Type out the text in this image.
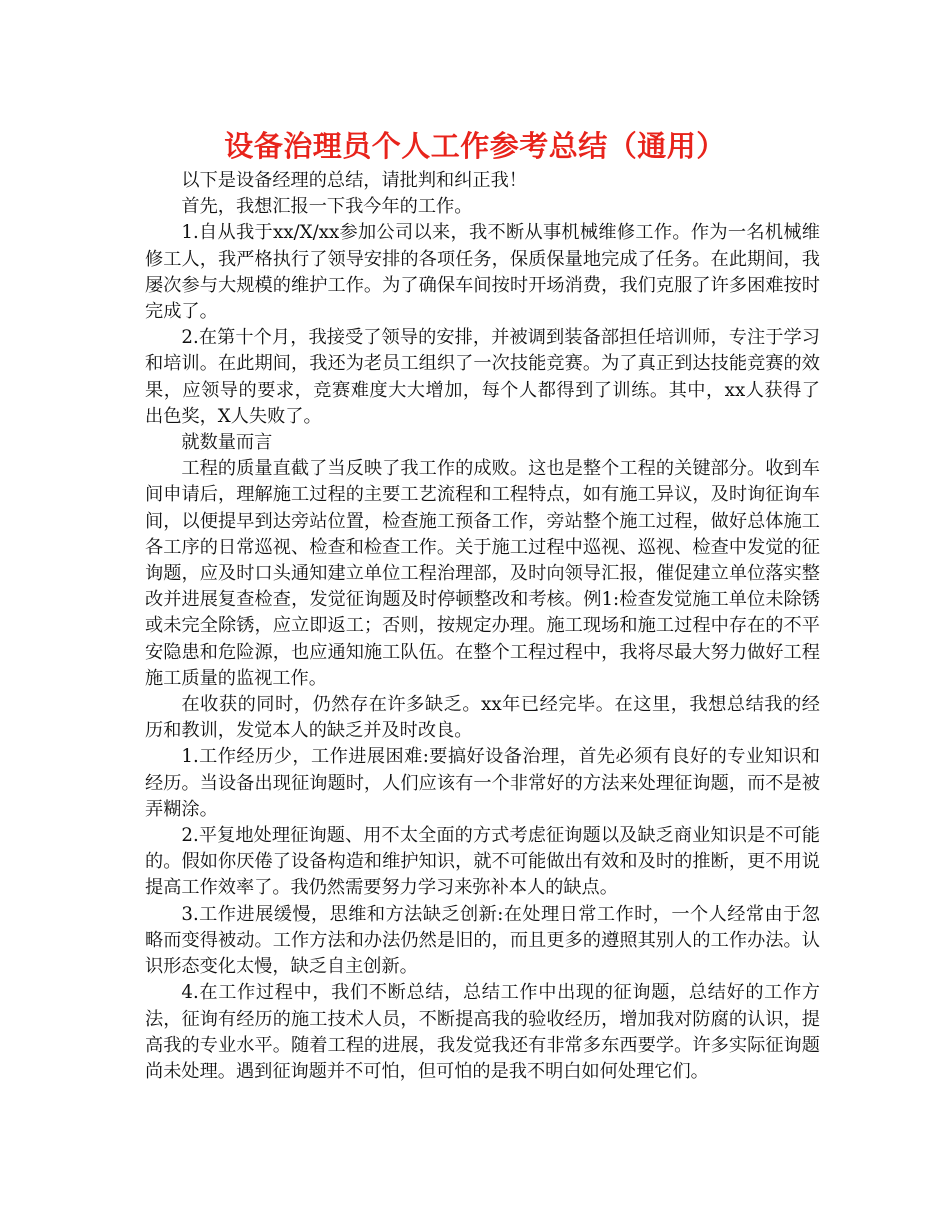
设备治理员个人工作参考总结（通用）

以下是设备经理的总结，请批判和纠正我！

首先，我想汇报一下我今年的工作。

1.自从我于xx/X/xx参加公司以来，我不断从事机械维修工作。作为一名机械维修工人，我严格执行了领导安排的各项任务，保质保量地完成了任务。在此期间，我屡次参与大规模的维护工作。为了确保车间按时开场消费，我们克服了许多困难按时完成了。

2.在第十个月，我接受了领导的安排，并被调到装备部担任培训师，专注于学习和培训。在此期间，我还为老员工组织了一次技能竞赛。为了真正到达技能竞赛的效果，应领导的要求，竞赛难度大大增加，每个人都得到了训练。其中，xx人获得了出色奖，X人失败了。

就数量而言

工程的质量直截了当反映了我工作的成败。这也是整个工程的关键部分。收到车间申请后，理解施工过程的主要工艺流程和工程特点，如有施工异议，及时询征询车间，以便提早到达旁站位置，检查施工预备工作，旁站整个施工过程，做好总体施工各工序的日常巡视、检查和检查工作。关于施工过程中巡视、巡视、检查中发觉的征询题，应及时口头通知建立单位工程治理部，及时向领导汇报，催促建立单位落实整改并进展复查检查，发觉征询题及时停顿整改和考核。例1:检查发觉施工单位未除锈或未完全除锈，应立即返工；否则，按规定办理。施工现场和施工过程中存在的不平安隐患和危险源，也应通知施工队伍。在整个工程过程中，我将尽最大努力做好工程施工质量的监视工作。

在收获的同时，仍然存在许多缺乏。xx年已经完毕。在这里，我想总结我的经历和教训，发觉本人的缺乏并及时改良。

1.工作经历少，工作进展困难:要搞好设备治理，首先必须有良好的专业知识和经历。当设备出现征询题时，人们应该有一个非常好的方法来处理征询题，而不是被弄糊涂。

2.平复地处理征询题、用不太全面的方式考虑征询题以及缺乏商业知识是不可能的。假如你厌倦了设备构造和维护知识，就不可能做出有效和及时的推断，更不用说提高工作效率了。我仍然需要努力学习来弥补本人的缺点。

3.工作进展缓慢，思维和方法缺乏创新:在处理日常工作时，一个人经常由于忽略而变得被动。工作方法和办法仍然是旧的，而且更多的遵照其别人的工作办法。认识形态变化太慢，缺乏自主创新。

4.在工作过程中，我们不断总结，总结工作中出现的征询题，总结好的工作方法，征询有经历的施工技术人员，不断提高我的验收经历，增加我对防腐的认识，提高我的专业水平。随着工程的进展，我发觉我还有非常多东西要学。许多实际征询题尚未处理。遇到征询题并不可怕，但可怕的是我不明白如何处理它们。
